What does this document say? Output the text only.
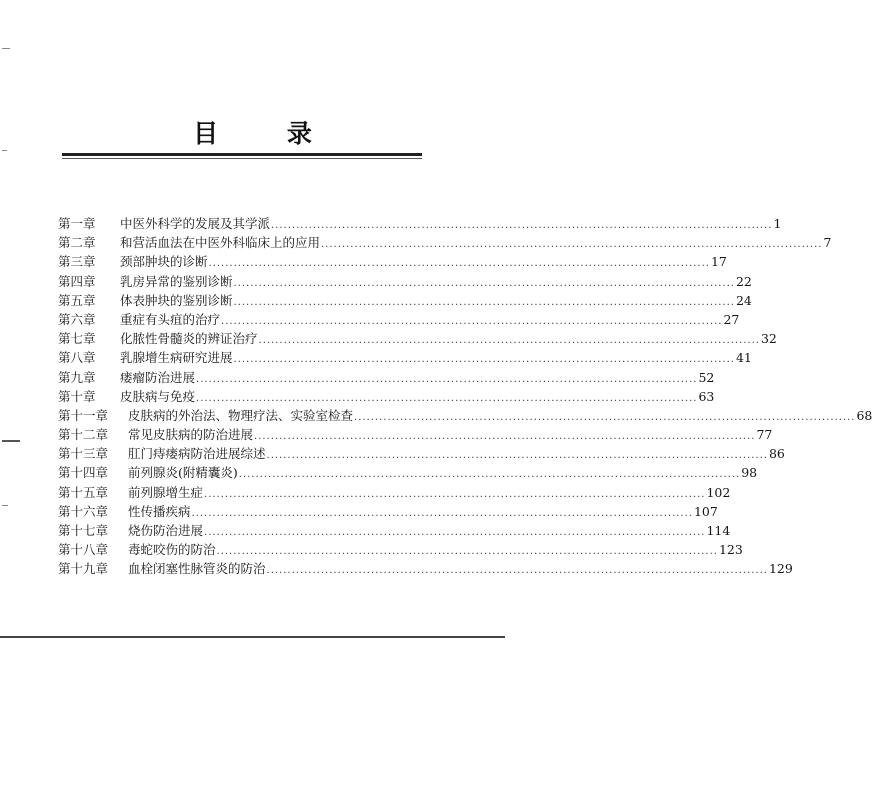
目 录
第一章	中医外科学的发展及其学派 ........................................................................................................................ 1
第二章	和营活血法在中医外科临床上的应用 ........................................................................................................................ 7
第三章	颈部肿块的诊断 ........................................................................................................................ 17
第四章	乳房异常的鉴别诊断 ........................................................................................................................ 22
第五章	体表肿块的鉴别诊断 ........................................................................................................................ 24
第六章	重症有头疽的治疗 ........................................................................................................................ 27
第七章	化脓性骨髓炎的辨证治疗 ........................................................................................................................ 32
第八章	乳腺增生病研究进展 ........................................................................................................................ 41
第九章	瘘瘤防治进展 ........................................................................................................................ 52
第十章	皮肤病与免疫 ........................................................................................................................ 63
第十一章	皮肤病的外治法、物理疗法、实验室检查 ........................................................................................................................ 68
第十二章	常见皮肤病的防治进展 ........................................................................................................................ 77
第十三章	肛门痔瘘病防治进展综述 ........................................................................................................................ 86
第十四章	前列腺炎(附精囊炎) ........................................................................................................................ 98
第十五章	前列腺增生症 ........................................................................................................................ 102
第十六章	性传播疾病 ........................................................................................................................ 107
第十七章	烧伤防治进展 ........................................................................................................................ 114
第十八章	毒蛇咬伤的防治 ........................................................................................................................ 123
第十九章	血栓闭塞性脉管炎的防治 ........................................................................................................................ 129
